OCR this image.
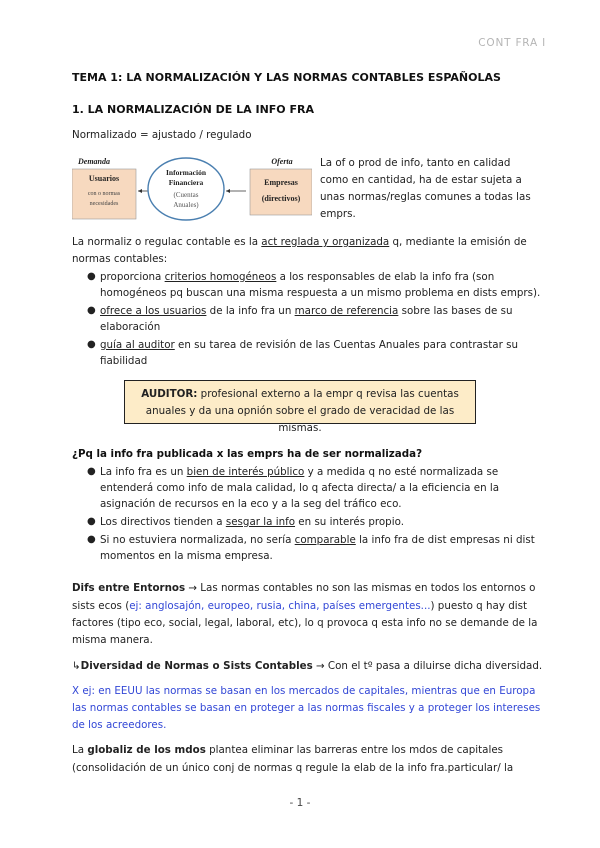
CONT FRA I
TEMA 1: LA NORMALIZACIÓN Y LAS NORMAS CONTABLES ESPAÑOLAS
1. LA NORMALIZACIÓN DE LA INFO FRA
Normalizado = ajustado / regulado
Demanda
Usuarios
con o normas
necesidades
Información
Financiera
(Cuentas
Anuales)
Oferta
Empresas
(directivos)
La of o prod de info, tanto en calidad como en cantidad, ha de estar sujeta a unas normas/reglas comunes a todas las emprs.
La normaliz o regulac contable es la act reglada y organizada q, mediante la emisión de
normas contables:
● proporciona criterios homogéneos a los responsables de elab la info fra (son homogéneos pq buscan una misma respuesta a un mismo problema en dists emprs).
● ofrece a los usuarios de la info fra un marco de referencia sobre las bases de su elaboración
● guía al auditor en su tarea de revisión de las Cuentas Anuales para contrastar su fiabilidad
AUDITOR: profesional externo a la empr q revisa las cuentas anuales y da una opnión sobre el grado de veracidad de las mismas.
¿Pq la info fra publicada x las emprs ha de ser normalizada?
● La info fra es un bien de interés público y a medida q no esté normalizada se entenderá como info de mala calidad, lo q afecta directa/ a la eficiencia en la asignación de recursos en la eco y a la seg del tráfico eco.
● Los directivos tienden a sesgar la info en su interés propio.
● Si no estuviera normalizada, no sería comparable la info fra de dist empresas ni dist momentos en la misma empresa.
Difs entre Entornos → Las normas contables no son las mismas en todos los entornos o
sists ecos (ej: anglosajón, europeo, rusia, china, países emergentes...) puesto q hay dist
factores (tipo eco, social, legal, laboral, etc), lo q provoca q esta info no se demande de la
misma manera.
↳Diversidad de Normas o Sists Contables → Con el tº pasa a diluirse dicha diversidad.
X ej: en EEUU las normas se basan en los mercados de capitales, mientras que en Europa
las normas contables se basan en proteger a las normas fiscales y a proteger los intereses
de los acreedores.
La globaliz de los mdos plantea eliminar las barreras entre los mdos de capitales
(consolidación de un único conj de normas q regule la elab de la info fra.particular/ la
- 1 -
